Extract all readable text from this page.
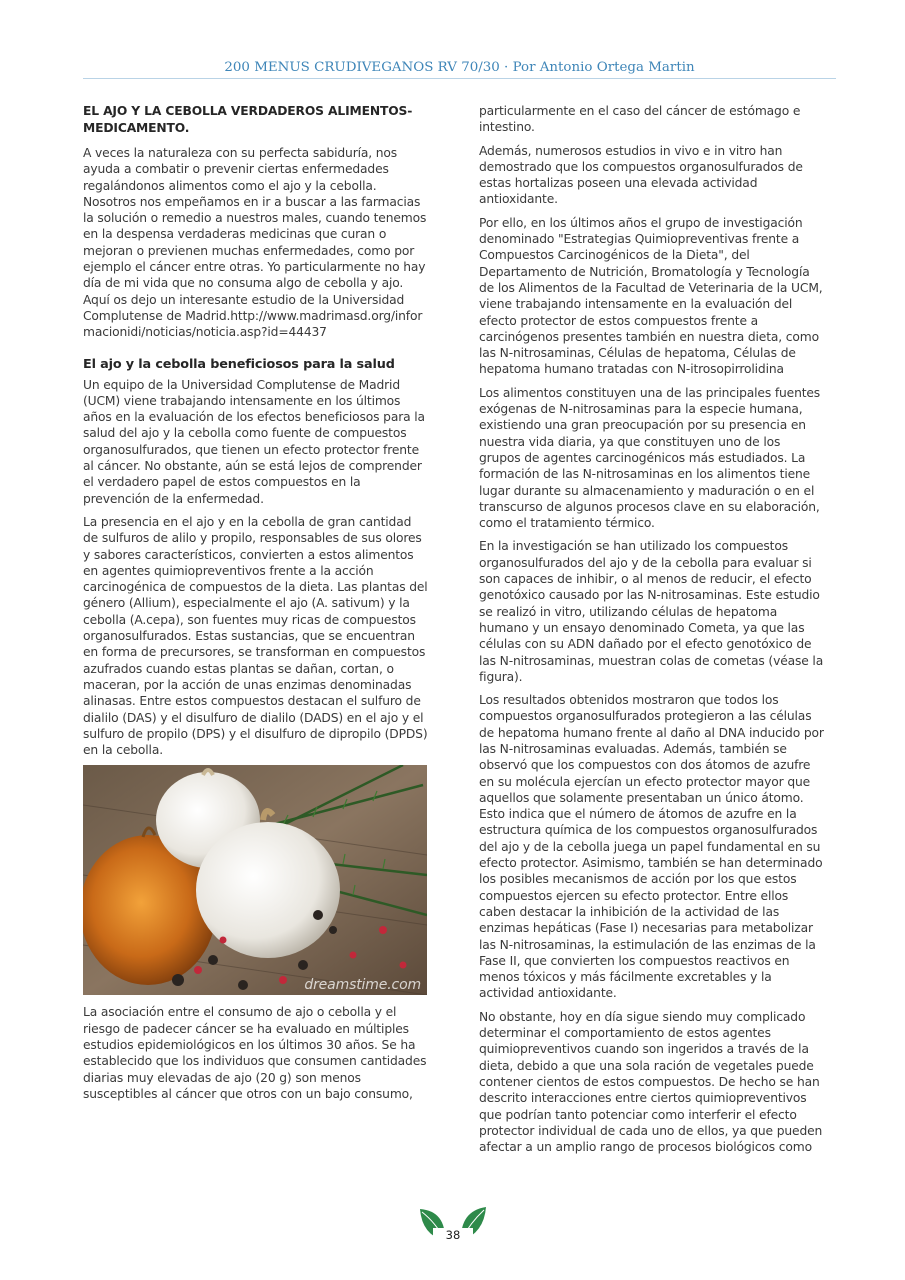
200 MENUS CRUDIVEGANOS RV 70/30 · Por Antonio Ortega Martin
EL AJO Y LA CEBOLLA VERDADEROS ALIMENTOS-MEDICAMENTO.

A veces la naturaleza con su perfecta sabiduría, nos ayuda a combatir o prevenir ciertas enfermedades regalándonos alimentos como el ajo y la cebolla. Nosotros nos empeñamos en ir a buscar a las farmacias la solución o remedio a nuestros males, cuando tenemos en la despensa verdaderas medicinas que curan o mejoran o previenen muchas enfermedades, como por ejemplo el cáncer entre otras. Yo particularmente no hay día de mi vida que no consuma algo de cebolla y ajo. Aquí os dejo un interesante estudio de la Universidad Complutense de Madrid.http://www.madrimasd.org/informacionidi/noticias/noticia.asp?id=44437

El ajo y la cebolla beneficiosos para la salud

Un equipo de la Universidad Complutense de Madrid (UCM) viene trabajando intensamente en los últimos años en la evaluación de los efectos beneficiosos para la salud del ajo y la cebolla como fuente de compuestos organosulfurados, que tienen un efecto protector frente al cáncer. No obstante, aún se está lejos de comprender el verdadero papel de estos compuestos en la prevención de la enfermedad.

La presencia en el ajo y en la cebolla de gran cantidad de sulfuros de alilo y propilo, responsables de sus olores y sabores característicos, convierten a estos alimentos en agentes quimiopreventivos frente a la acción carcinogénica de compuestos de la dieta. Las plantas del género (Allium), especialmente el ajo (A. sativum) y la cebolla (A.cepa), son fuentes muy ricas de compuestos organosulfurados. Estas sustancias, que se encuentran en forma de precursores, se transforman en compuestos azufrados cuando estas plantas se dañan, cortan, o maceran, por la acción de unas enzimas denominadas alinasas. Entre estos compuestos destacan el sulfuro de dialilo (DAS) y el disulfuro de dialilo (DADS) en el ajo y el sulfuro de propilo (DPS) y el disulfuro de dipropilo (DPDS) en la cebolla.

dreamstime.com

La asociación entre el consumo de ajo o cebolla y el riesgo de padecer cáncer se ha evaluado en múltiples estudios epidemiológicos en los últimos 30 años. Se ha establecido que los individuos que consumen cantidades diarias muy elevadas de ajo (20 g) son menos susceptibles al cáncer que otros con un bajo consumo,

particularmente en el caso del cáncer de estómago e intestino.

Además, numerosos estudios in vivo e in vitro han demostrado que los compuestos organosulfurados de estas hortalizas poseen una elevada actividad antioxidante.

Por ello, en los últimos años el grupo de investigación denominado "Estrategias Quimiopreventivas frente a Compuestos Carcinogénicos de la Dieta", del Departamento de Nutrición, Bromatología y Tecnología de los Alimentos de la Facultad de Veterinaria de la UCM, viene trabajando intensamente en la evaluación del efecto protector de estos compuestos frente a carcinógenos presentes también en nuestra dieta, como las N-nitrosaminas, Células de hepatoma, Células de hepatoma humano tratadas con N-itrosopirrolidina

Los alimentos constituyen una de las principales fuentes exógenas de N-nitrosaminas para la especie humana, existiendo una gran preocupación por su presencia en nuestra vida diaria, ya que constituyen uno de los grupos de agentes carcinogénicos más estudiados. La formación de las N-nitrosaminas en los alimentos tiene lugar durante su almacenamiento y maduración o en el transcurso de algunos procesos clave en su elaboración, como el tratamiento térmico.

En la investigación se han utilizado los compuestos organosulfurados del ajo y de la cebolla para evaluar si son capaces de inhibir, o al menos de reducir, el efecto genotóxico causado por las N-nitrosaminas. Este estudio se realizó in vitro, utilizando células de hepatoma humano y un ensayo denominado Cometa, ya que las células con su ADN dañado por el efecto genotóxico de las N-nitrosaminas, muestran colas de cometas (véase la figura).

Los resultados obtenidos mostraron que todos los compuestos organosulfurados protegieron a las células de hepatoma humano frente al daño al DNA inducido por las N-nitrosaminas evaluadas. Además, también se observó que los compuestos con dos átomos de azufre en su molécula ejercían un efecto protector mayor que aquellos que solamente presentaban un único átomo. Esto indica que el número de átomos de azufre en la estructura química de los compuestos organosulfurados del ajo y de la cebolla juega un papel fundamental en su efecto protector. Asimismo, también se han determinado los posibles mecanismos de acción por los que estos compuestos ejercen su efecto protector. Entre ellos caben destacar la inhibición de la actividad de las enzimas hepáticas (Fase I) necesarias para metabolizar las N-nitrosaminas, la estimulación de las enzimas de la Fase II, que convierten los compuestos reactivos en menos tóxicos y más fácilmente excretables y la actividad antioxidante.

No obstante, hoy en día sigue siendo muy complicado determinar el comportamiento de estos agentes quimiopreventivos cuando son ingeridos a través de la dieta, debido a que una sola ración de vegetales puede contener cientos de estos compuestos. De hecho se han descrito interacciones entre ciertos quimiopreventivos que podrían tanto potenciar como interferir el efecto protector individual de cada uno de ellos, ya que pueden afectar a un amplio rango de procesos biológicos como

38
